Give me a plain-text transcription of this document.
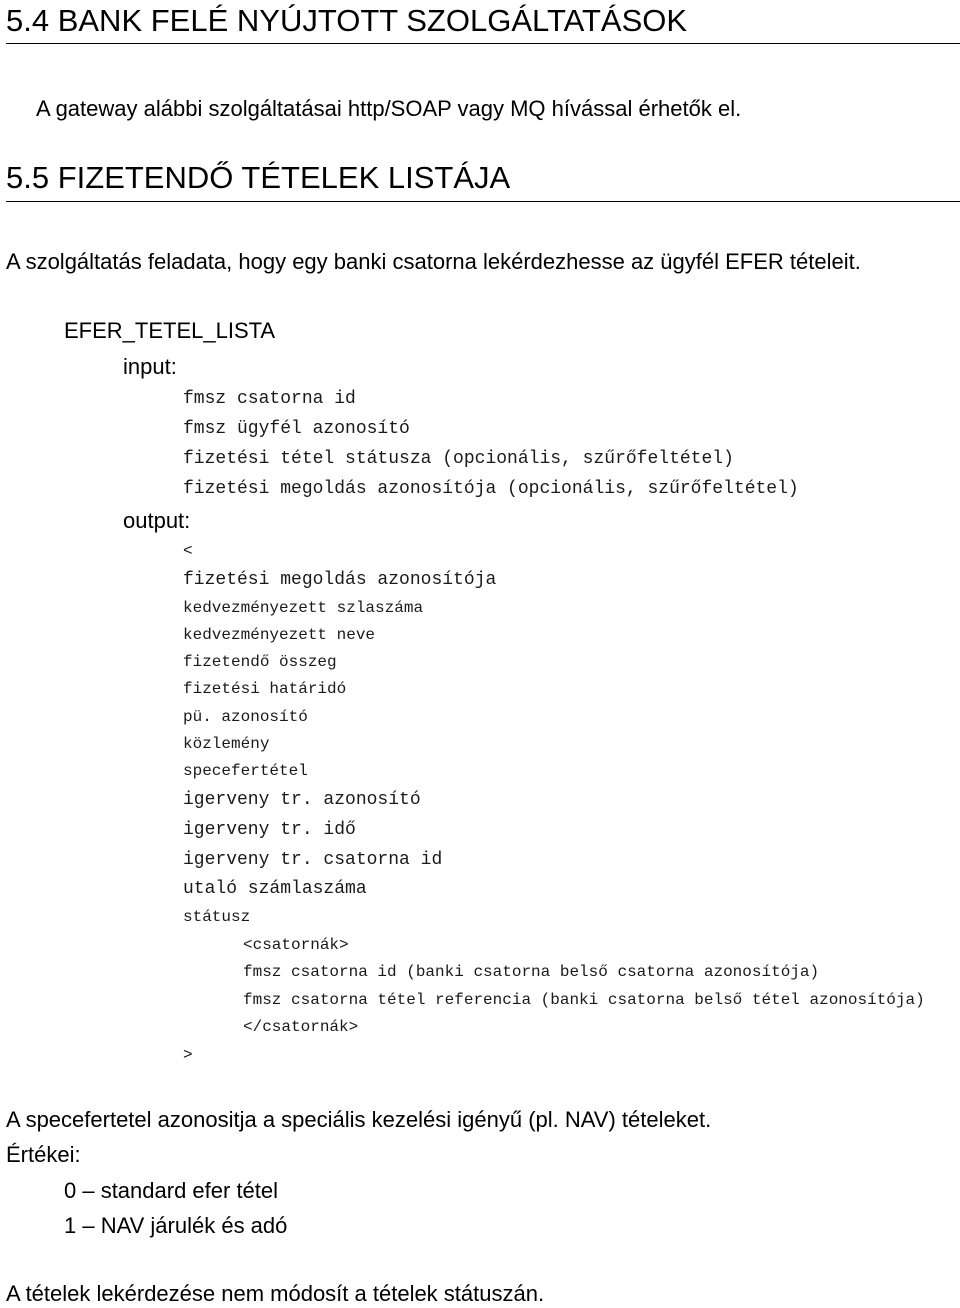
5.4 BANK FELÉ NYÚJTOTT SZOLGÁLTATÁSOK

A gateway alábbi szolgáltatásai http/SOAP vagy MQ hívással érhetők el.

5.5 FIZETENDŐ TÉTELEK LISTÁJA

A szolgáltatás feladata, hogy egy banki csatorna lekérdezhesse az ügyfél EFER tételeit.

EFER_TETEL_LISTA
input:
fmsz csatorna id
fmsz ügyfél azonosító
fizetési tétel státusza (opcionális, szűrőfeltétel)
fizetési megoldás azonosítója (opcionális, szűrőfeltétel)
output:
<
fizetési megoldás azonosítója
kedvezményezett szlaszáma
kedvezményezett neve
fizetendő összeg
fizetési határidó
pü. azonosító
közlemény
specefertétel
igerveny tr. azonosító
igerveny tr. idő
igerveny tr. csatorna id
utaló számlaszáma
státusz
<csatornák>
fmsz csatorna id (banki csatorna belső csatorna azonosítója)
fmsz csatorna tétel referencia (banki csatorna belső tétel azonosítója)
</csatornák>
>

A specefertetel azonositja a speciális kezelési igényű (pl. NAV) tételeket.

Értékei:

0 – standard efer tétel

1 – NAV járulék és adó

A tételek lekérdezése nem módosít a tételek státuszán.
